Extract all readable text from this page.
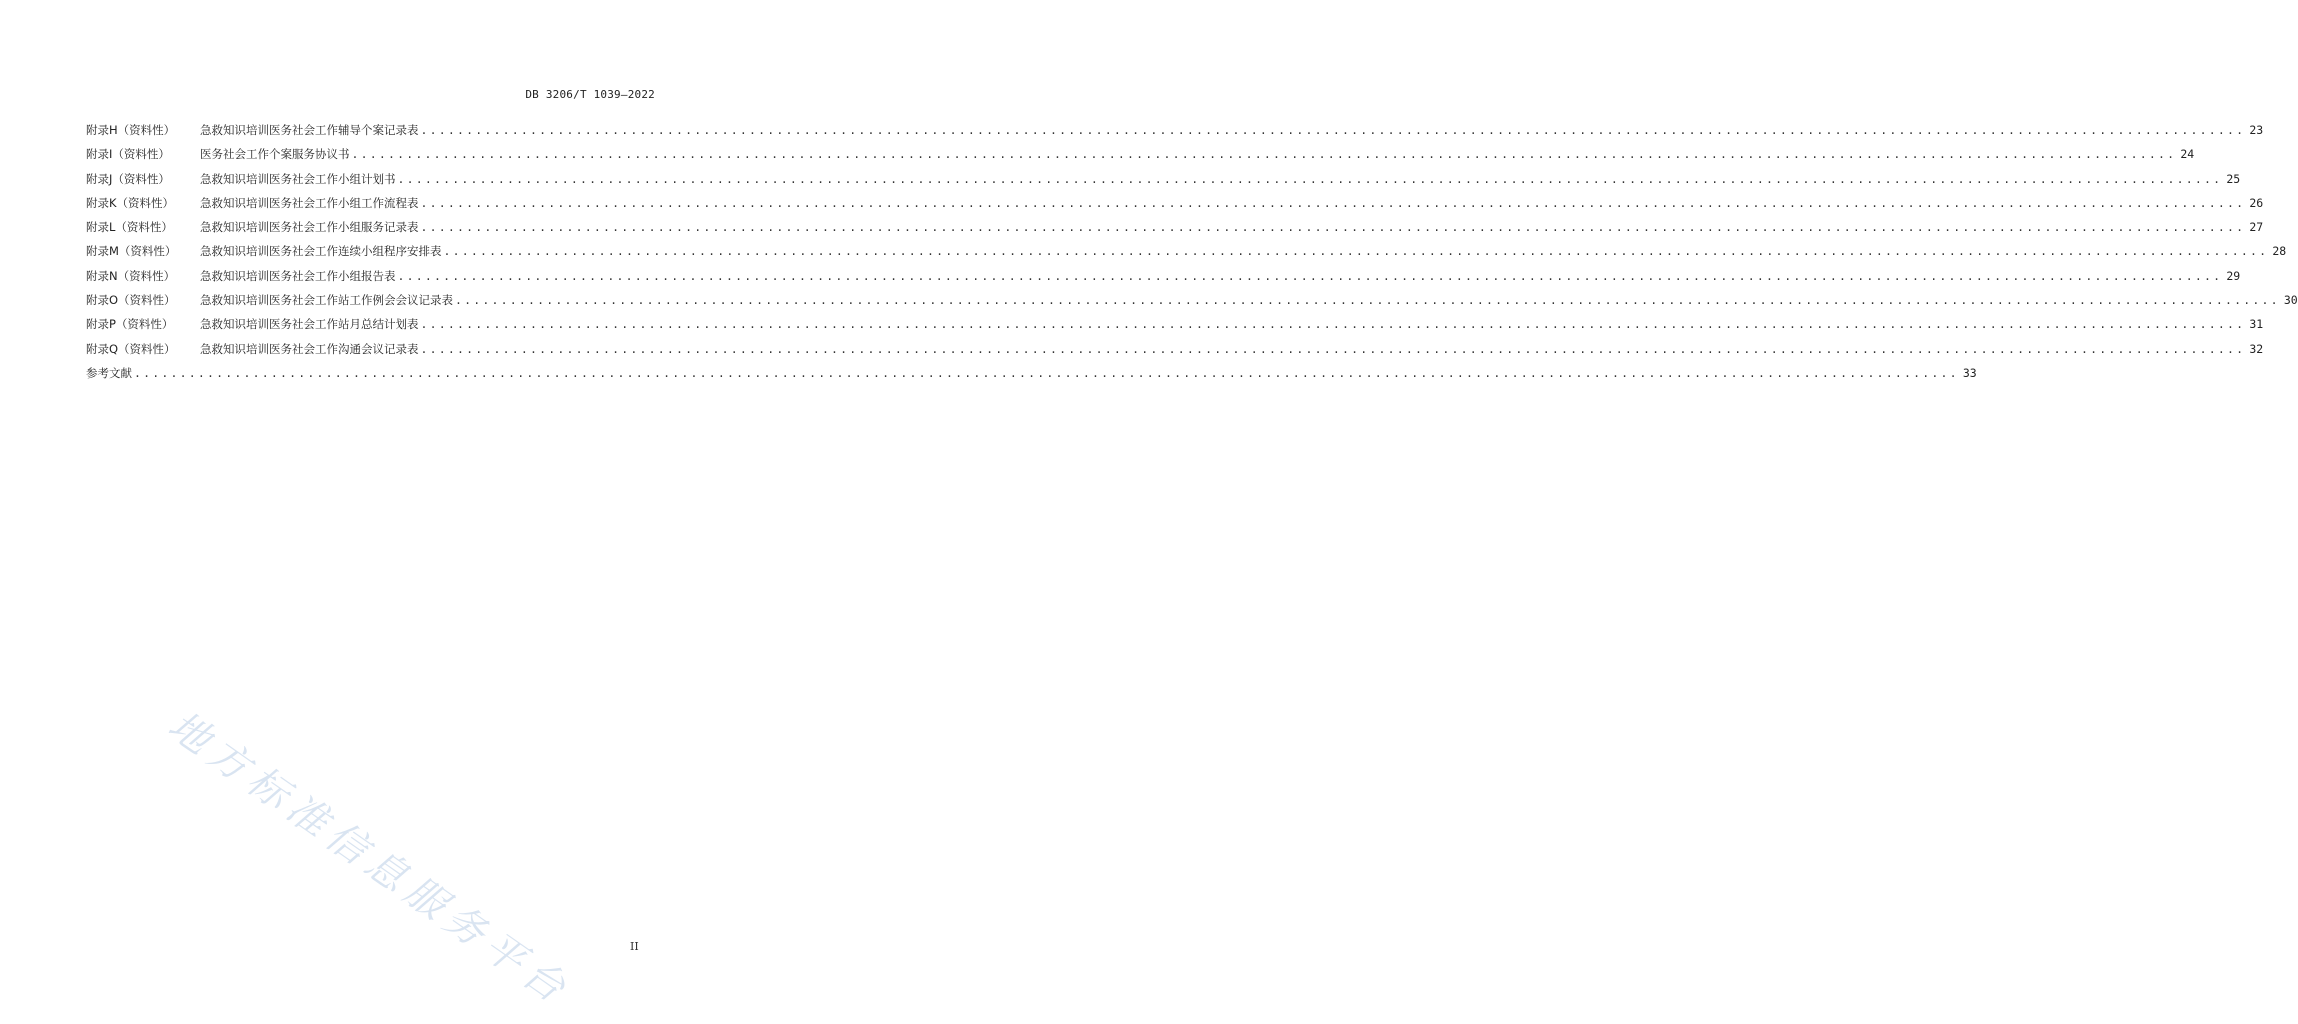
DB 3206/T 1039—2022
附录H（资料性）	急救知识培训医务社会工作辅导个案记录表 ........................................................................................................................................................................................................ 23
附录I（资料性）	医务社会工作个案服务协议书 ........................................................................................................................................................................................................ 24
附录J（资料性）	急救知识培训医务社会工作小组计划书 ........................................................................................................................................................................................................ 25
附录K（资料性）	急救知识培训医务社会工作小组工作流程表 ........................................................................................................................................................................................................ 26
附录L（资料性）	急救知识培训医务社会工作小组服务记录表 ........................................................................................................................................................................................................ 27
附录M（资料性）	急救知识培训医务社会工作连续小组程序安排表 ........................................................................................................................................................................................................ 28
附录N（资料性）	急救知识培训医务社会工作小组报告表 ........................................................................................................................................................................................................ 29
附录O（资料性）	急救知识培训医务社会工作站工作例会会议记录表 ........................................................................................................................................................................................................ 30
附录P（资料性）	急救知识培训医务社会工作站月总结计划表 ........................................................................................................................................................................................................ 31
附录Q（资料性）	急救知识培训医务社会工作沟通会议记录表 ........................................................................................................................................................................................................ 32
参考文献 ........................................................................................................................................................................................................ 33
地方标准信息服务平台	II
